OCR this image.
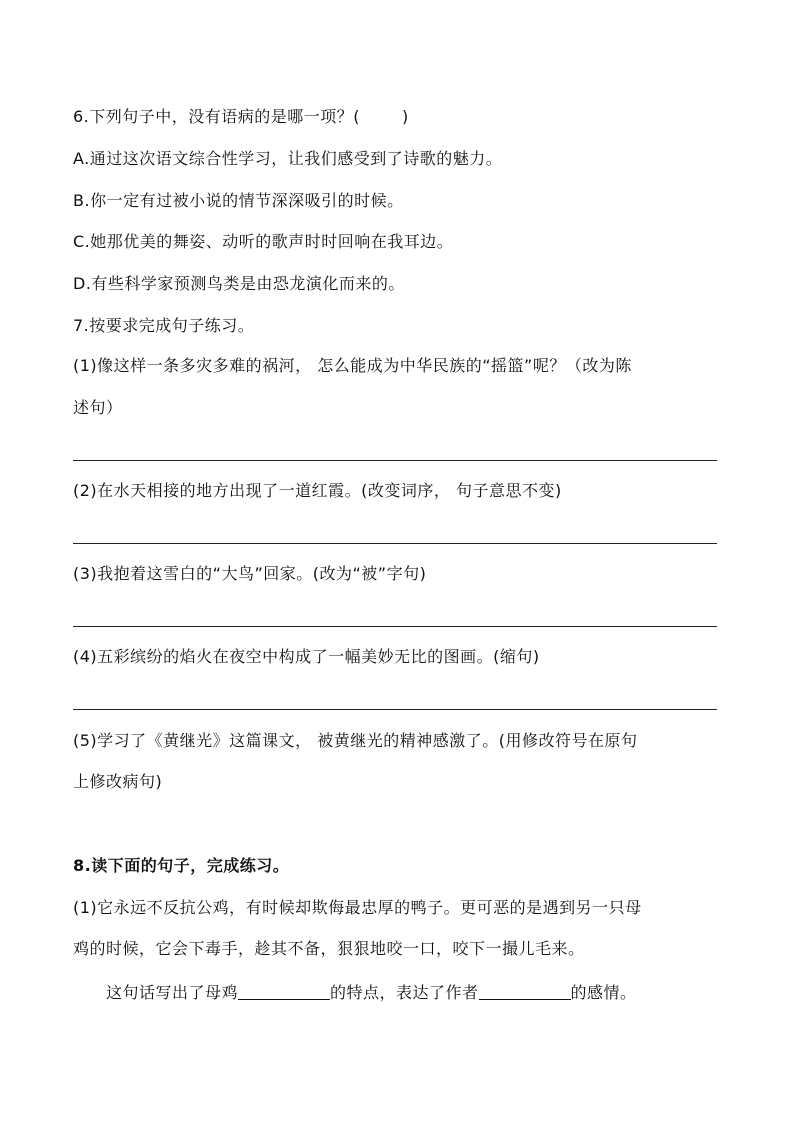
6.下列句子中，没有语病的是哪一项？(	)
A.通过这次语文综合性学习，让我们感受到了诗歌的魅力。
B.你一定有过被小说的情节深深吸引的时候。
C.她那优美的舞姿、动听的歌声时时回响在我耳边。
D.有些科学家预测鸟类是由恐龙演化而来的。
7.按要求完成句子练习。
(1)像这样一条多灾多难的祸河， 怎么能成为中华民族的“摇篮”呢？（改为陈
述句）
(2)在水天相接的地方出现了一道红霞。(改变词序， 句子意思不变)
(3)我抱着这雪白的“大鸟”回家。(改为“被”字句)
(4)五彩缤纷的焰火在夜空中构成了一幅美妙无比的图画。(缩句)
(5)学习了《黄继光》这篇课文， 被黄继光的精神感激了。(用修改符号在原句
上修改病句)
8.读下面的句子，完成练习。
(1)它永远不反抗公鸡，有时候却欺侮最忠厚的鸭子。更可恶的是遇到另一只母
鸡的时候，它会下毒手，趁其不备，狠狠地咬一口，咬下一撮儿毛来。
这句话写出了母鸡	的特点，表达了作者	的感情。
